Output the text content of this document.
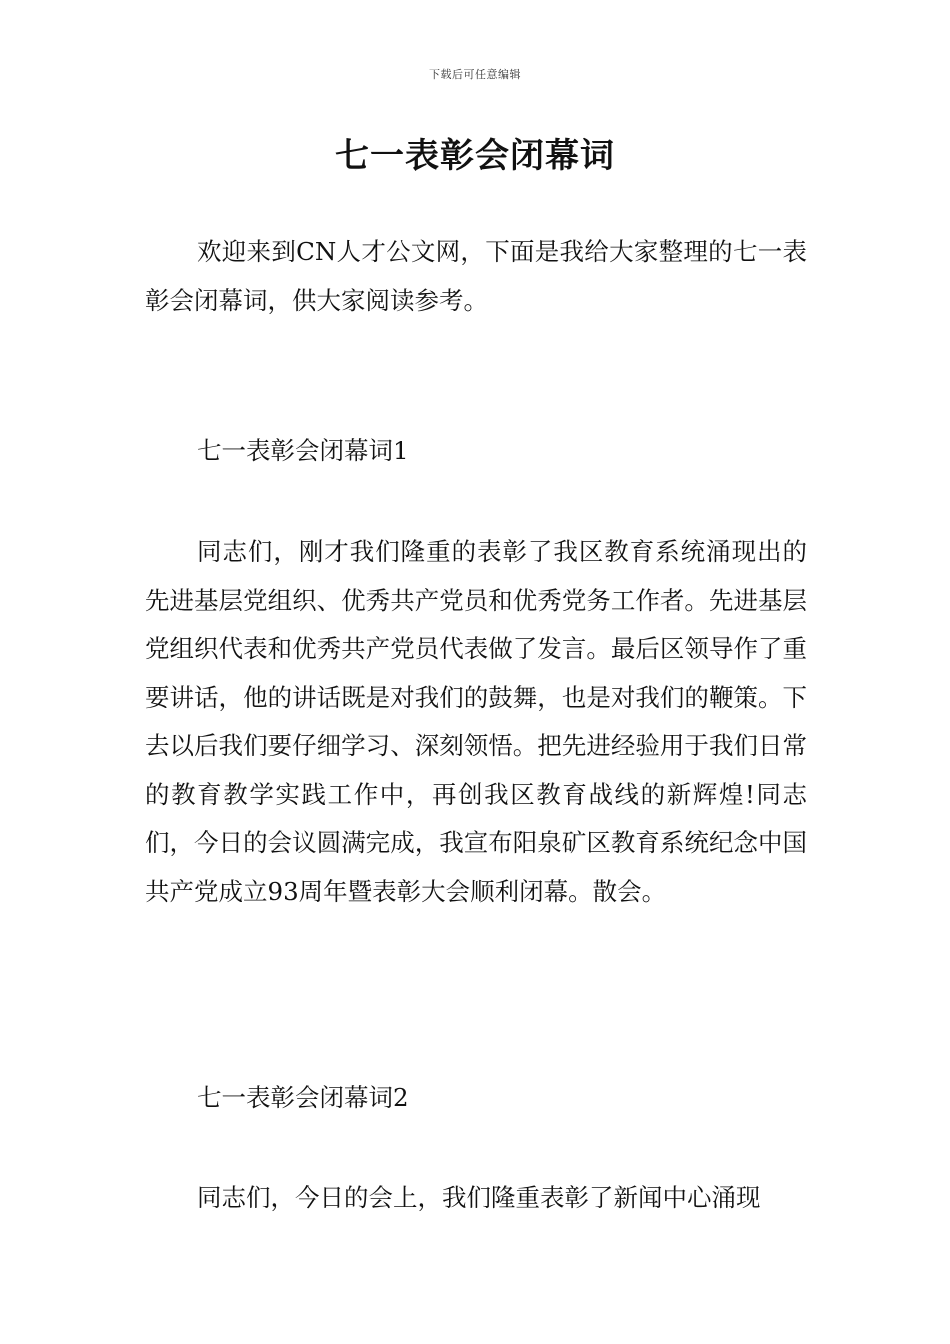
下载后可任意编辑
七一表彰会闭幕词

欢迎来到CN人才公文网，下面是我给大家整理的七一表彰会闭幕词，供大家阅读参考。

七一表彰会闭幕词1

同志们，刚才我们隆重的表彰了我区教育系统涌现出的先进基层党组织、优秀共产党员和优秀党务工作者。先进基层党组织代表和优秀共产党员代表做了发言。最后区领导作了重要讲话，他的讲话既是对我们的鼓舞，也是对我们的鞭策。下去以后我们要仔细学习、深刻领悟。把先进经验用于我们日常的教育教学实践工作中，再创我区教育战线的新辉煌!同志们，今日的会议圆满完成，我宣布阳泉矿区教育系统纪念中国共产党成立93周年暨表彰大会顺利闭幕。散会。

七一表彰会闭幕词2

同志们，今日的会上，我们隆重表彰了新闻中心涌现
